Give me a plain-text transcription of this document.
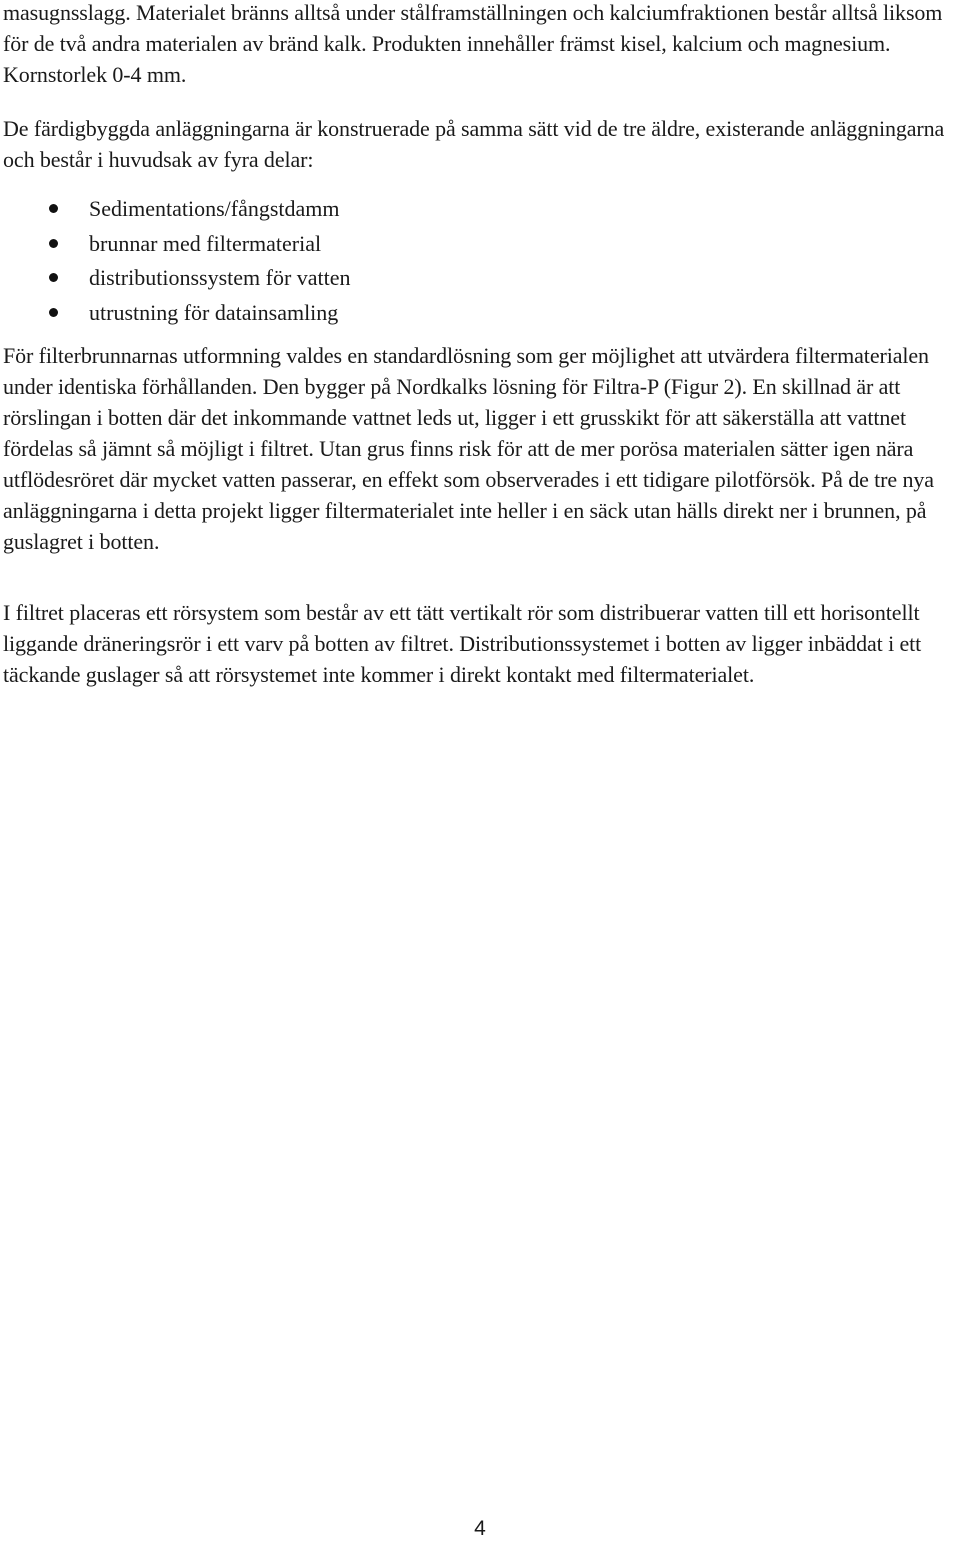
masugnsslagg. Materialet bränns alltså under stålframställningen och kalciumfraktionen består alltså liksom för de två andra materialen av bränd kalk. Produkten innehåller främst kisel, kalcium och magnesium. Kornstorlek 0-4 mm.

De färdigbyggda anläggningarna är konstruerade på samma sätt vid de tre äldre, existerande anläggningarna och består i huvudsak av fyra delar:

Sedimentations/fångstdamm
brunnar med filtermaterial
distributionssystem för vatten
utrustning för datainsamling

För filterbrunnarnas utformning valdes en standardlösning som ger möjlighet att utvärdera filtermaterialen under identiska förhållanden. Den bygger på Nordkalks lösning för Filtra-P (Figur 2). En skillnad är att rörslingan i botten där det inkommande vattnet leds ut, ligger i ett grusskikt för att säkerställa att vattnet fördelas så jämnt så möjligt i filtret. Utan grus finns risk för att de mer porösa materialen sätter igen nära utflödesröret där mycket vatten passerar, en effekt som observerades i ett tidigare pilotförsök. På de tre nya anläggningarna i detta projekt ligger filtermaterialet inte heller i en säck utan hälls direkt ner i brunnen, på guslagret i botten.

I filtret placeras ett rörsystem som består av ett tätt vertikalt rör som distribuerar vatten till ett horisontellt liggande dräneringsrör i ett varv på botten av filtret. Distributionssystemet i botten av ligger inbäddat i ett täckande guslager så att rörsystemet inte kommer i direkt kontakt med filtermaterialet.

4
